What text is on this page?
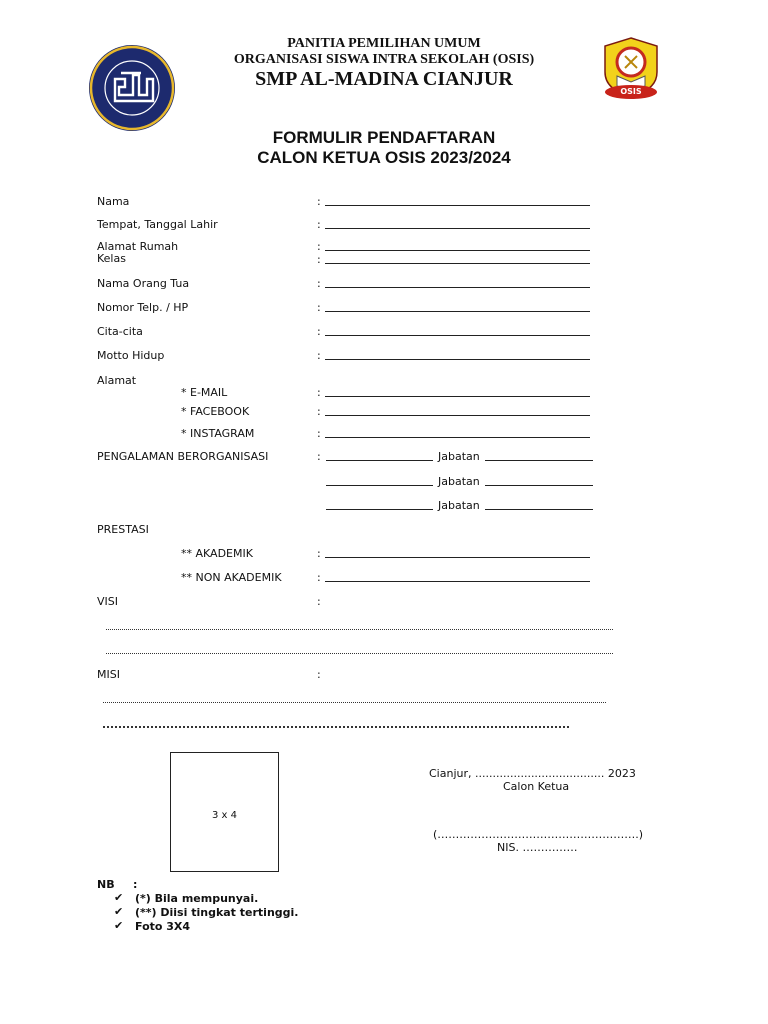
OSIS
PANITIA PEMILIHAN UMUM
ORGANISASI SISWA INTRA SEKOLAH (OSIS)
SMP AL-MADINA CIANJUR
FORMULIR PENDAFTARAN
CALON KETUA OSIS 2023/2024
Nama	:
Tempat, Tanggal Lahir	:
Alamat Rumah	:
Kelas	:
Nama Orang Tua	:
Nomor Telp. / HP	:
Cita-cita	:
Motto Hidup	:
Alamat
* E-MAIL	:
* FACEBOOK	:
* INSTAGRAM	:
PENGALAMAN BERORGANISASI	:	Jabatan
Jabatan
Jabatan
PRESTASI
** AKADEMIK	:
** NON AKADEMIK	:
VISI	:
MISI	:
3 x 4
Cianjur, ..................................... 2023
Calon Ketua
(……………………………………………….)
NIS. ……………
NB :
✔ (*) Bila mempunyai.
✔ (**) Diisi tingkat tertinggi.
✔ Foto 3X4
